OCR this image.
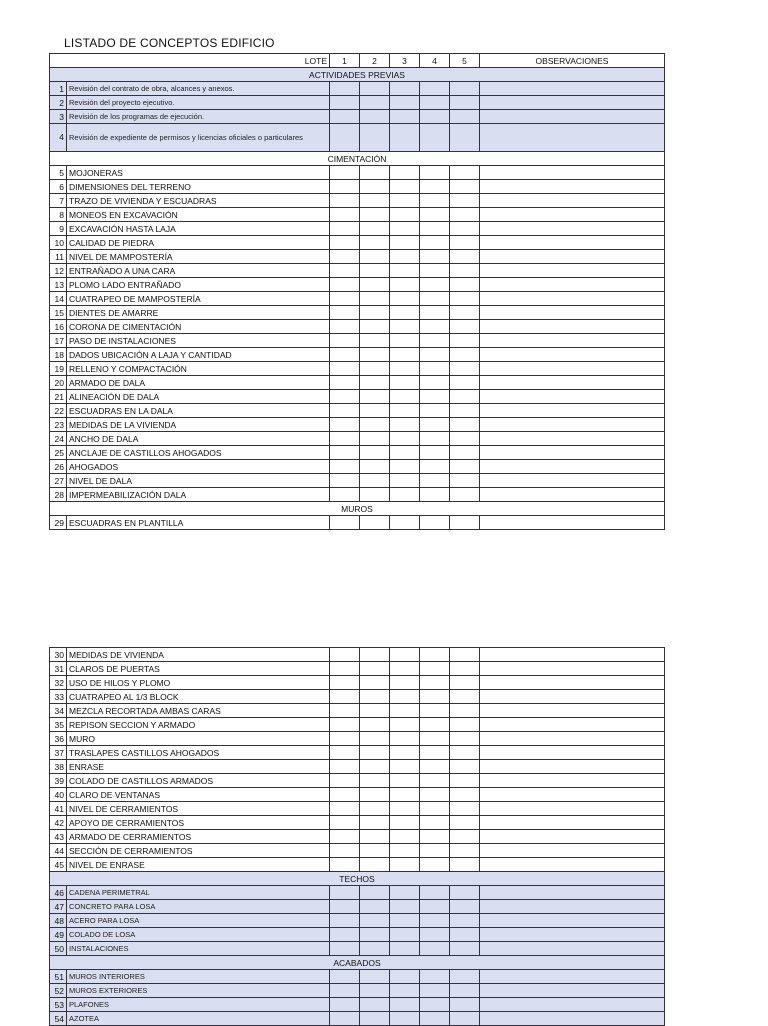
LISTADO DE CONCEPTOS EDIFICIO
LOTE		1	2	3	4	5	OBSERVACIONES
ACTIVIDADES PREVIAS							
1	Revisión del contrato de obra, alcances y anexos.						
2	Revisión del proyecto ejecutivo.						
3	Revisión de los programas de ejecución.						
4	Revisión de expediente de permisos y licencias oficiales o particulares						
CIMENTACIÓN							
5	MOJONERAS						
6	DIMENSIONES DEL TERRENO						
7	TRAZO DE VIVIENDA Y ESCUADRAS						
8	MONEOS EN EXCAVACIÓN						
9	EXCAVACIÓN HASTA LAJA						
10	CALIDAD DE PIEDRA						
11	NIVEL DE MAMPOSTERÍA						
12	ENTRAÑADO A UNA CARA						
13	PLOMO LADO ENTRAÑADO						
14	CUATRAPEO DE MAMPOSTERÍA						
15	DIENTES DE AMARRE						
16	CORONA DE CIMENTACIÓN						
17	PASO DE INSTALACIONES						
18	DADOS UBICACIÓN A LAJA Y CANTIDAD						
19	RELLENO Y COMPACTACIÓN						
20	ARMADO DE DALA						
21	ALINEACIÓN DE DALA						
22	ESCUADRAS EN LA DALA						
23	MEDIDAS DE LA VIVIENDA						
24	ANCHO DE DALA						
25	ANCLAJE DE CASTILLOS AHOGADOS						
26	AHOGADOS						
27	NIVEL DE DALA						
28	IMPERMEABILIZACIÓN DALA						
MUROS							
29	ESCUADRAS EN PLANTILLA						
30	MEDIDAS DE VIVIENDA						
31	CLAROS DE PUERTAS						
32	USO DE HILOS Y PLOMO						
33	CUATRAPEO AL 1/3 BLOCK						
34	MEZCLA RECORTADA AMBAS CARAS						
35	REPISON SECCION Y ARMADO						
36	MURO						
37	TRASLAPES CASTILLOS AHOGADOS						
38	ENRASE						
39	COLADO DE CASTILLOS ARMADOS						
40	CLARO DE VENTANAS						
41	NIVEL DE CERRAMIENTOS						
42	APOYO DE CERRAMIENTOS						
43	ARMADO DE CERRAMIENTOS						
44	SECCIÓN DE CERRAMIENTOS						
45	NIVEL DE ENRASE						
TECHOS							
46	CADENA PERIMETRAL						
47	CONCRETO PARA LOSA						
48	ACERO PARA LOSA						
49	COLADO DE LOSA						
50	INSTALACIONES						
ACABADOS							
51	MUROS INTERIORES						
52	MUROS EXTERIORES						
53	PLAFONES						
54	AZOTEA						
